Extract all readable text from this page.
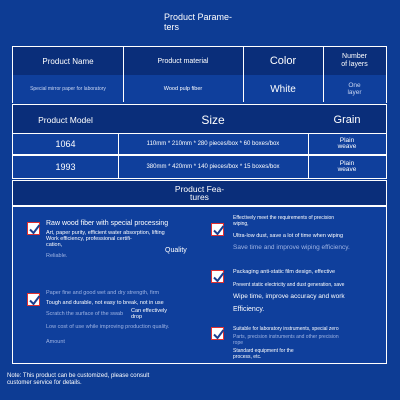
Product Parame-
ters
Product Name	Product material	Color	Number
of layers
Special mirror paper for laboratory	Wood pulp fiber	White	One
layer
Product Model	Size	Grain
1064	110mm * 210mm * 280 pieces/box * 60 boxes/box
Plain
weave
1993	380mm * 420mm * 140 pieces/box * 15 boxes/box
Plain
weave
Product Fea-
tures
Raw wood fiber with special processing
Art, paper purity, efficient water absorption, lifting
Work efficiency, professional certifi-
cation,
Reliable.
Quality
Paper fine and good wet and dry strength, firm
Tough and durable, not easy to break, not in use
Scratch the surface of the swab	Can effectively
drop
Low cost of use while improving production quality.
Amount
Effectively meet the requirements of precision
wiping,
Ultra-low dust, save a lot of time when wiping
Save time and improve wiping efficiency.
Packaging anti-static film design, effective
Prevent static electricity and dust generation, save
Wipe time, improve accuracy and work
Efficiency.
Suitable for laboratory instruments, special zero
Parts, precision instruments and other precision
rope
Standard equipment for the
process, etc.
Note: This product can be customized, please consult
customer service for details.
